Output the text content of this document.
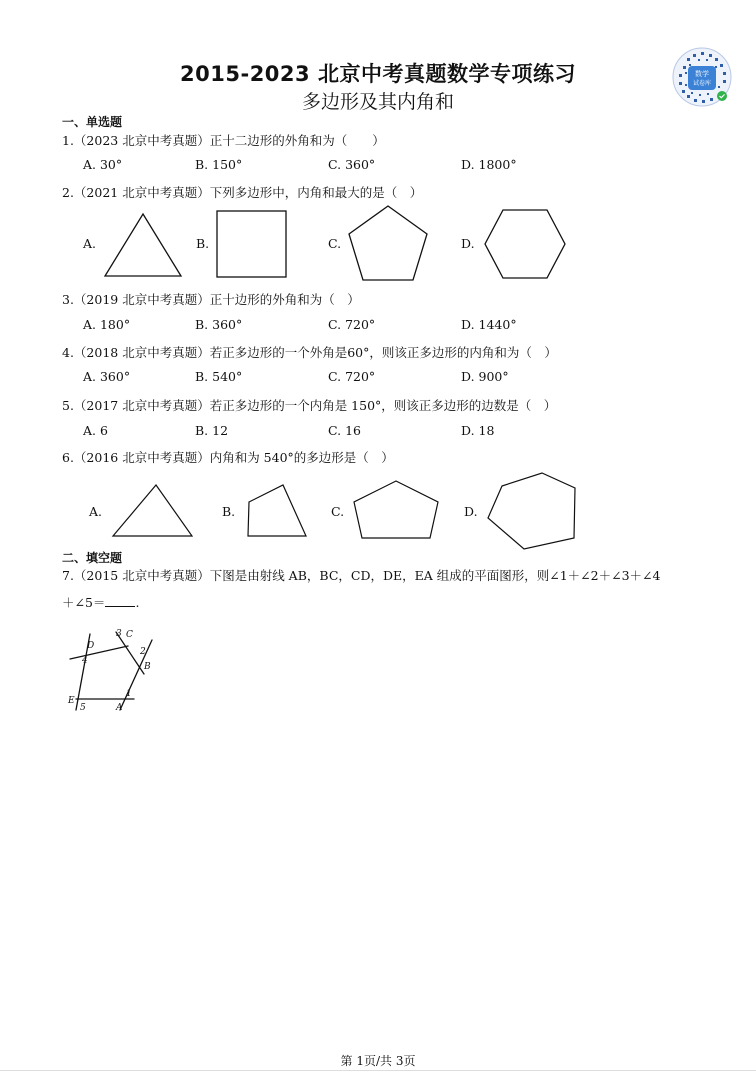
2015-2023 北京中考真题数学专项练习
多边形及其内角和
数学
试卷库
一、单选题
1.（2023 北京中考真题）正十二边形的外角和为（　　）
A. 30°	B. 150°	C. 360°	D. 1800°
2.（2021 北京中考真题）下列多边形中，内角和最大的是（　）
A.	B.	C.	D.
3.（2019 北京中考真题）正十边形的外角和为（　）
A. 180°	B. 360°	C. 720°	D. 1440°
4.（2018 北京中考真题）若正多边形的一个外角是60°，则该正多边形的内角和为（　）
A. 360°	B. 540°	C. 720°	D. 900°
5.（2017 北京中考真题）若正多边形的一个内角是 150°，则该正多边形的边数是（　）
A. 6	B. 12	C. 16	D. 18
6.（2016 北京中考真题）内角和为 540°的多边形是（　）
A.	B.	C.	D.
二、填空题
7.（2015 北京中考真题）下图是由射线 AB，BC，CD，DE，EA 组成的平面图形，则∠1＋∠2＋∠3＋∠4
＋∠5＝ .
D
C
B
A
E
1
2
3
4
5
第 1页/共 3页
